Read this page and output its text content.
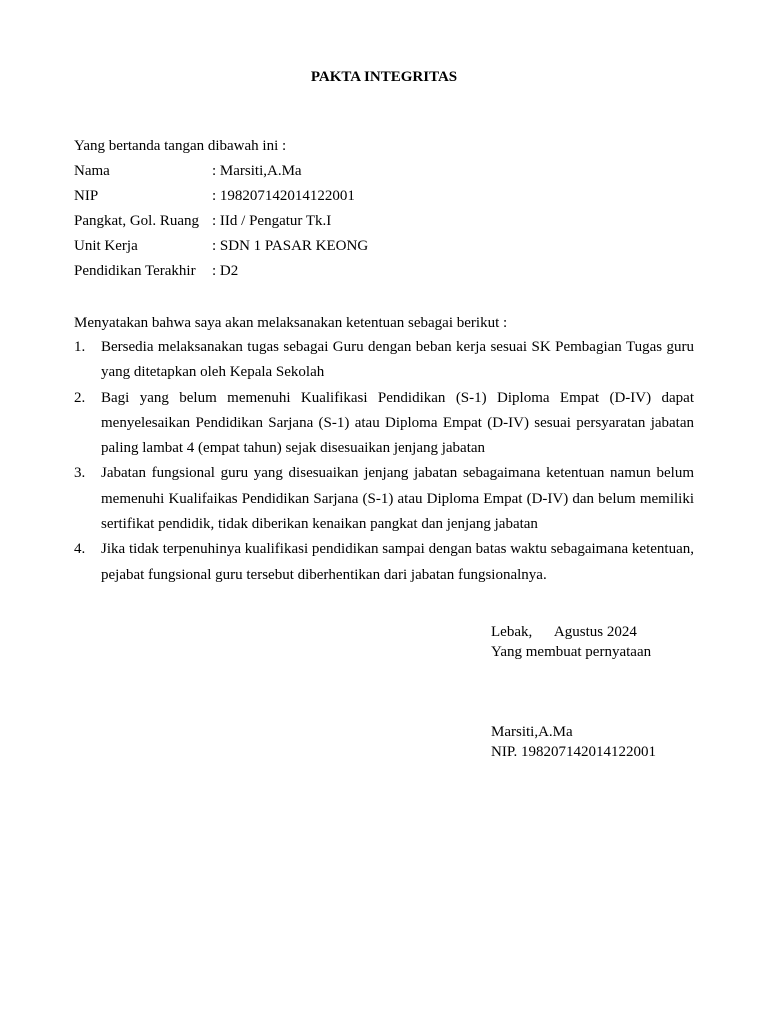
PAKTA INTEGRITAS
Yang bertanda tangan dibawah ini :
Nama	: Marsiti,A.Ma
NIP	: 198207142014122001
Pangkat, Gol. Ruang : IId / Pengatur Tk.I
Unit Kerja	: SDN 1 PASAR KEONG
Pendidikan Terakhir	: D2
Menyatakan bahwa saya akan melaksanakan ketentuan sebagai berikut :
1.	Bersedia melaksanakan tugas sebagai Guru dengan beban kerja sesuai SK Pembagian Tugas guru yang ditetapkan oleh Kepala Sekolah
2.	Bagi yang belum memenuhi Kualifikasi Pendidikan (S-1) Diploma Empat (D-IV) dapat menyelesaikan Pendidikan Sarjana (S-1) atau Diploma Empat (D-IV) sesuai persyaratan jabatan paling lambat 4 (empat tahun) sejak disesuaikan jenjang jabatan
3.	Jabatan fungsional guru yang disesuaikan jenjang jabatan sebagaimana ketentuan namun belum memenuhi Kualifaikas Pendidikan Sarjana (S-1) atau Diploma Empat (D-IV) dan belum memiliki sertifikat pendidik, tidak diberikan kenaikan pangkat dan jenjang jabatan
4.	Jika tidak terpenuhinya kualifikasi pendidikan sampai dengan batas waktu sebagaimana ketentuan, pejabat fungsional guru tersebut diberhentikan dari jabatan fungsionalnya.
Lebak,      Agustus 2024
Yang membuat pernyataan
Marsiti,A.Ma
NIP. 198207142014122001
